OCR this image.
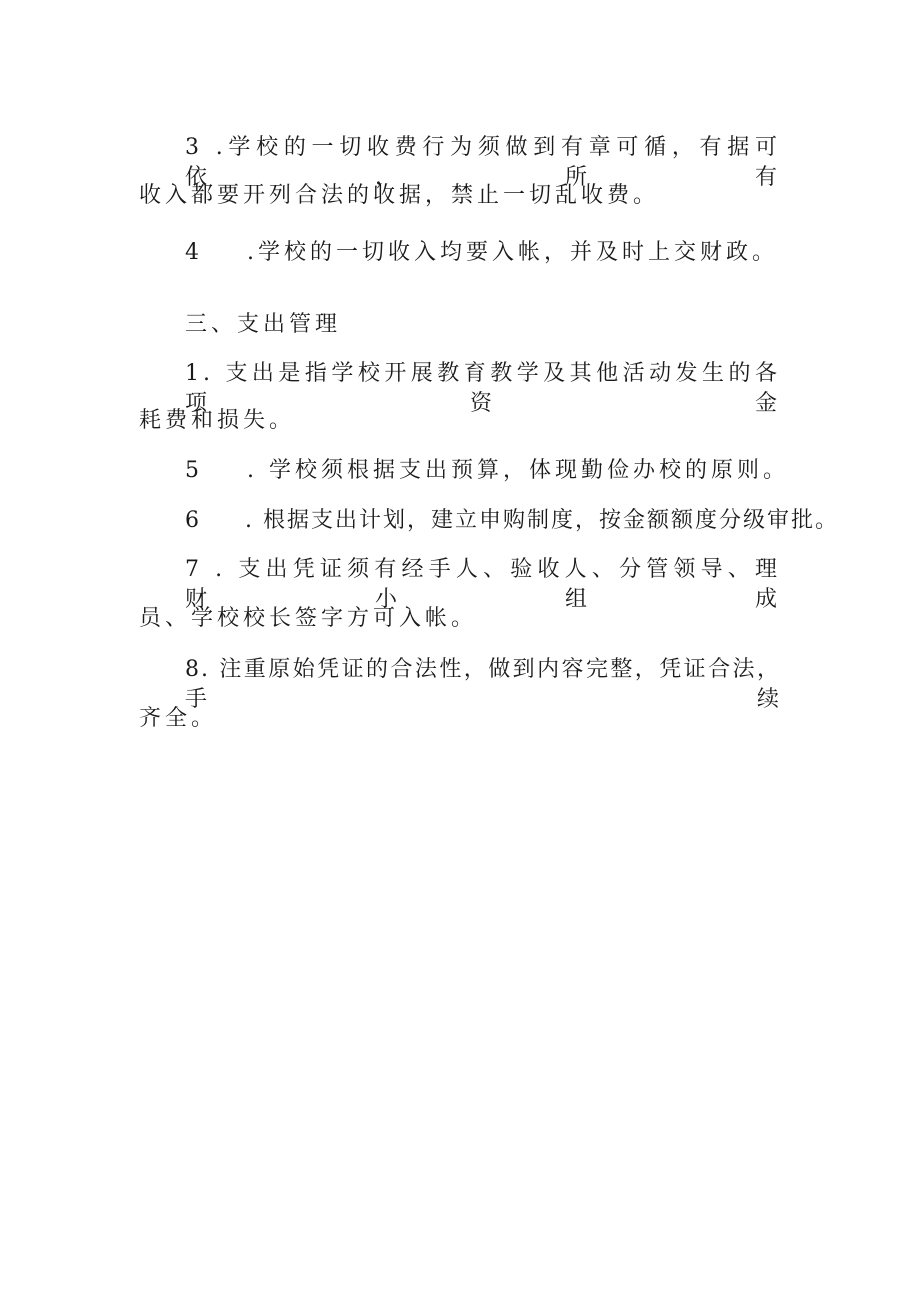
3 .学校的一切收费行为须做到有章可循，有据可依，所有
收入都要开列合法的收据，禁止一切乱收费。
4 .学校的一切收入均要入帐，并及时上交财政。
三、支出管理
1. 支出是指学校开展教育教学及其他活动发生的各项资金
耗费和损失。
5 . 学校须根据支出预算，体现勤俭办校的原则。
6 . 根据支出计划，建立申购制度，按金额额度分级审批。
7 . 支出凭证须有经手人、验收人、分管领导、理财小组成
员、学校校长签字方可入帐。
8. 注重原始凭证的合法性，做到内容完整，凭证合法，手续
齐全。
